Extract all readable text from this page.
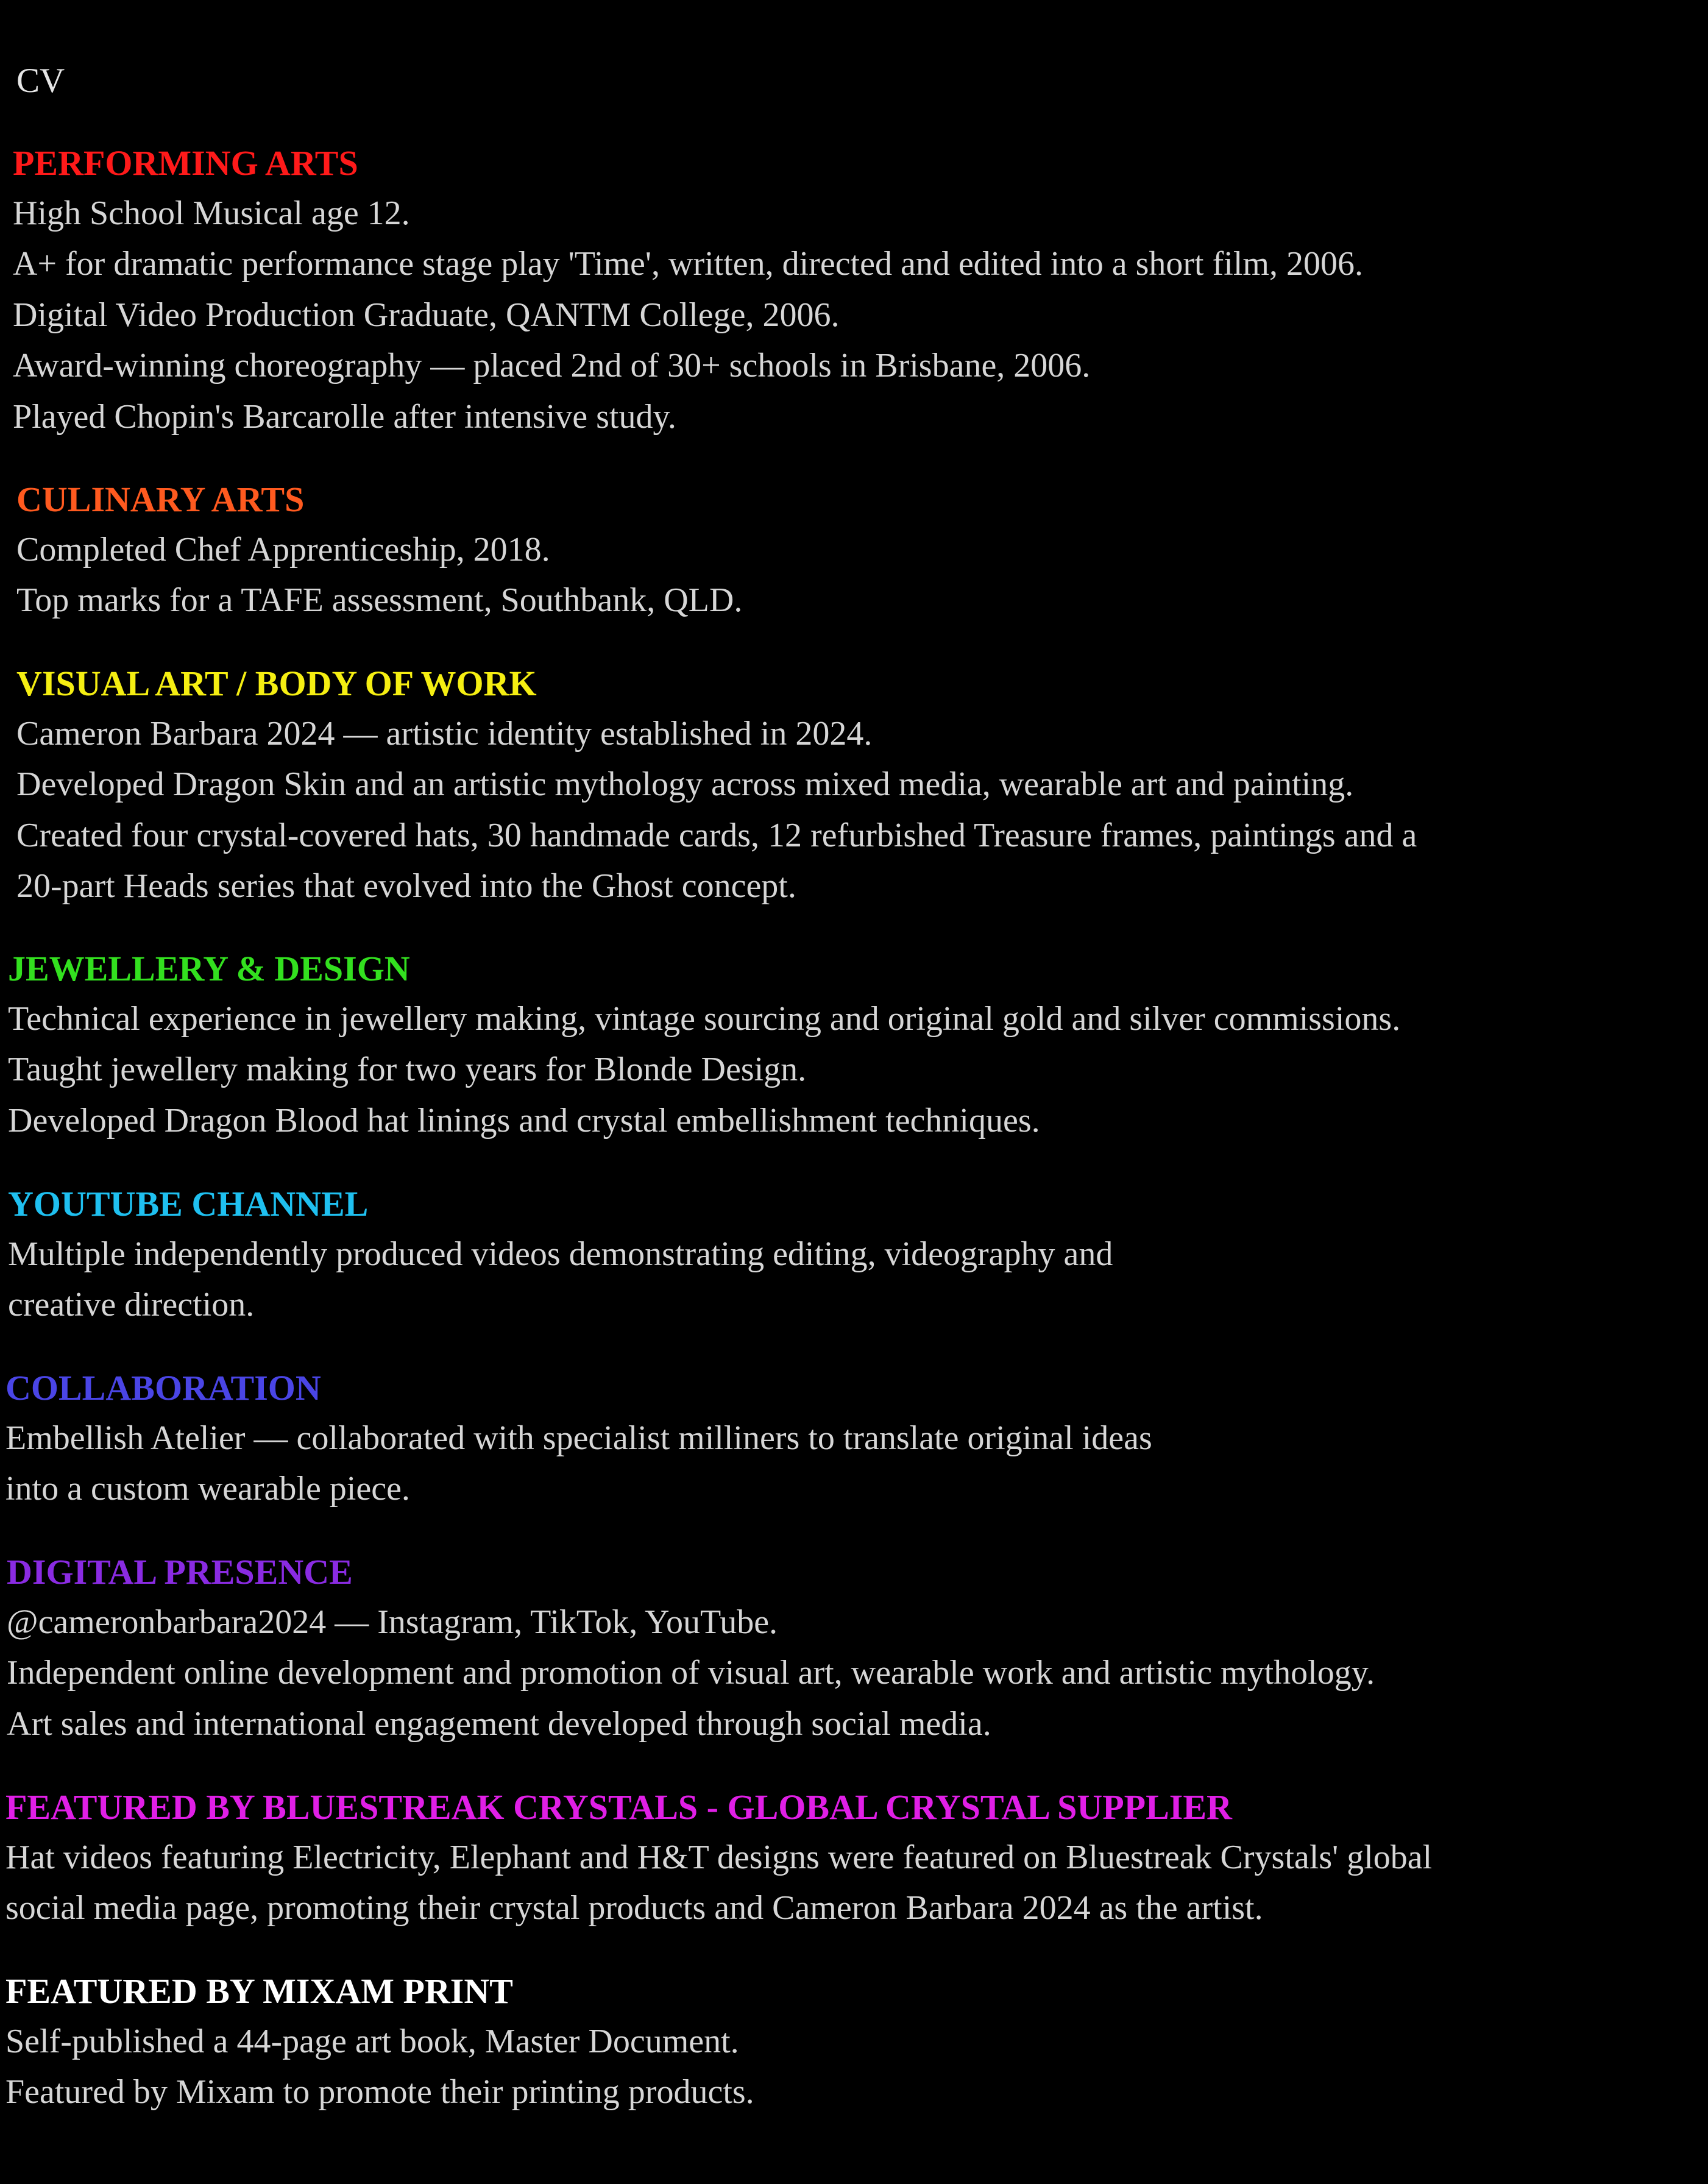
CV
PERFORMING ARTS

High School Musical age 12.

A+ for dramatic performance stage play 'Time', written, directed and edited into a short film, 2006.

Digital Video Production Graduate, QANTM College, 2006.

Award-winning choreography — placed 2nd of 30+ schools in Brisbane, 2006.

Played Chopin's Barcarolle after intensive study.

CULINARY ARTS

Completed Chef Apprenticeship, 2018.

Top marks for a TAFE assessment, Southbank, QLD.

VISUAL ART / BODY OF WORK

Cameron Barbara 2024 — artistic identity established in 2024.

Developed Dragon Skin and an artistic mythology across mixed media, wearable art and painting.

Created four crystal-covered hats, 30 handmade cards, 12 refurbished Treasure frames, paintings and a

20-part Heads series that evolved into the Ghost concept.

JEWELLERY & DESIGN

Technical experience in jewellery making, vintage sourcing and original gold and silver commissions.

Taught jewellery making for two years for Blonde Design.

Developed Dragon Blood hat linings and crystal embellishment techniques.

YOUTUBE CHANNEL

Multiple independently produced videos demonstrating editing, videography and

creative direction.

COLLABORATION

Embellish Atelier — collaborated with specialist milliners to translate original ideas

into a custom wearable piece.

DIGITAL PRESENCE

@cameronbarbara2024 — Instagram, TikTok, YouTube.

Independent online development and promotion of visual art, wearable work and artistic mythology.

Art sales and international engagement developed through social media.

FEATURED BY BLUESTREAK CRYSTALS - GLOBAL CRYSTAL SUPPLIER

Hat videos featuring Electricity, Elephant and H&T designs were featured on Bluestreak Crystals' global

social media page, promoting their crystal products and Cameron Barbara 2024 as the artist.

FEATURED BY MIXAM PRINT

Self-published a 44-page art book, Master Document.

Featured by Mixam to promote their printing products.
